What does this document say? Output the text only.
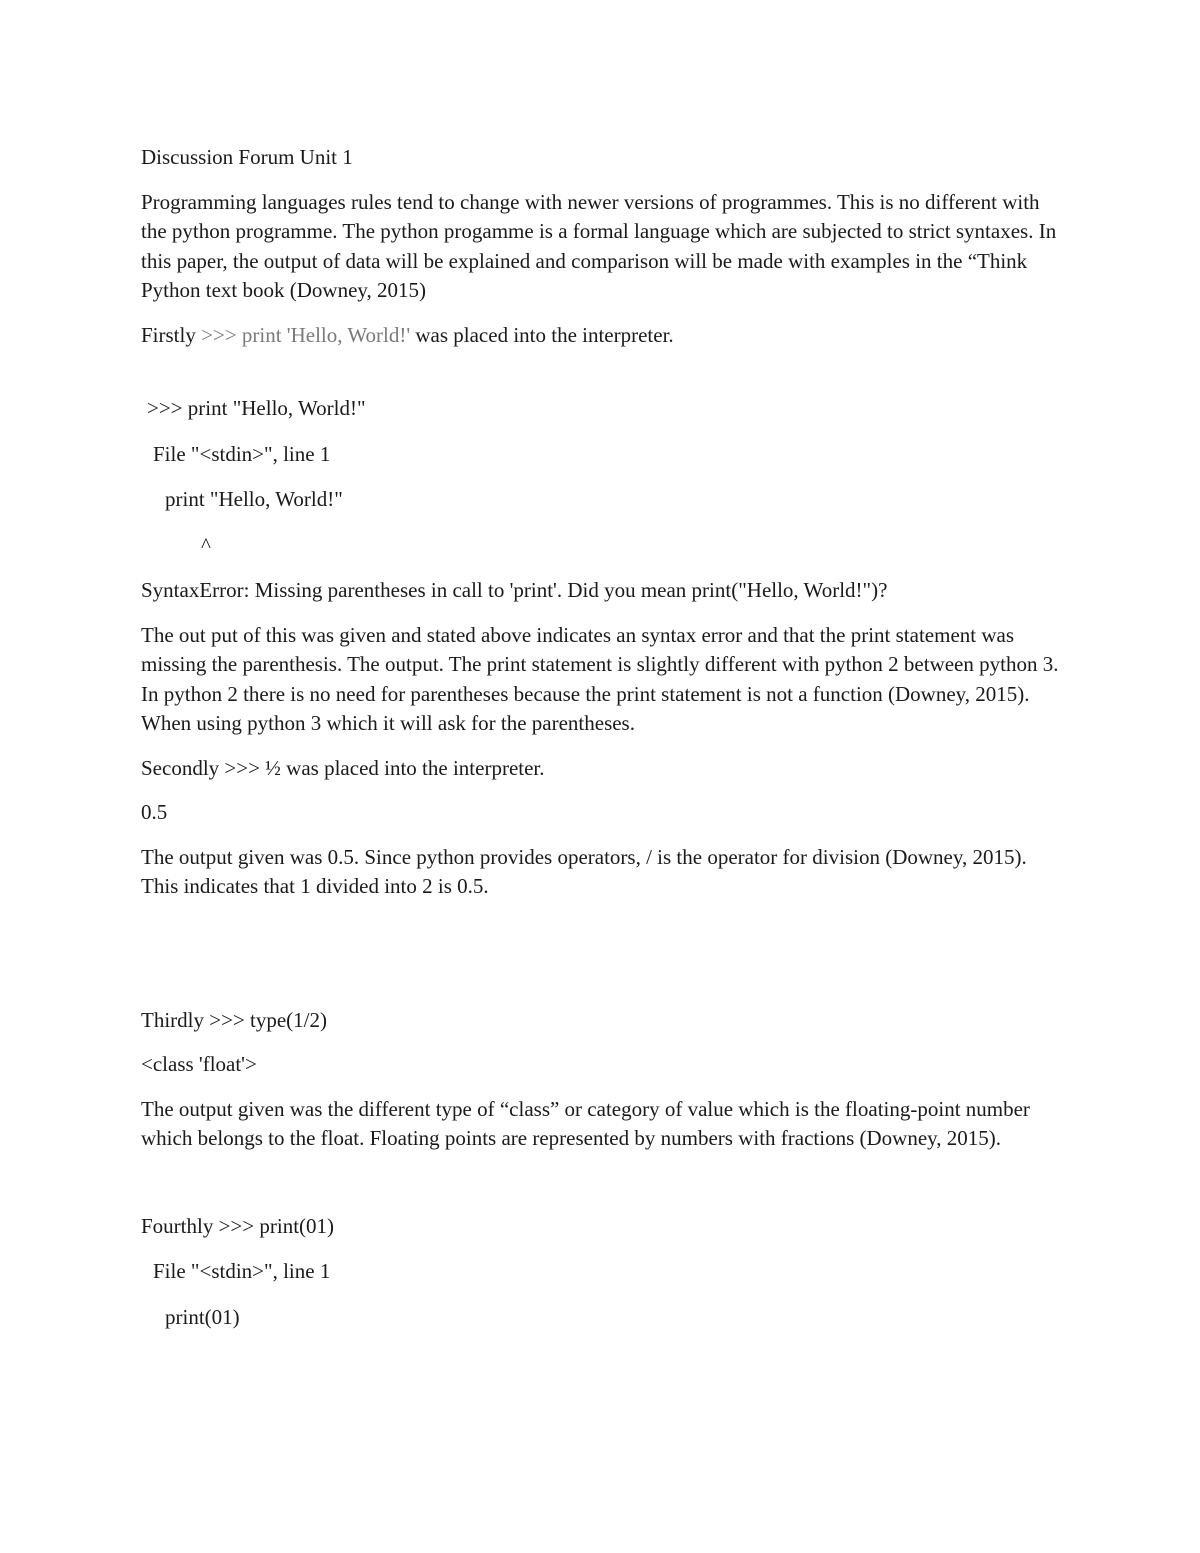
Discussion Forum Unit 1

Programming languages rules tend to change with newer versions of programmes. This is no different with the python programme. The python progamme is a formal language which are subjected to strict syntaxes. In this paper, the output of data will be explained and comparison will be made with examples in the “Think Python text book (Downey, 2015)

Firstly >>> print 'Hello, World!' was placed into the interpreter.

>>> print "Hello, World!"

File "<stdin>", line 1

print "Hello, World!"

^

SyntaxError: Missing parentheses in call to 'print'. Did you mean print("Hello, World!")?

The out put of this was given and stated above indicates an syntax error and that the print statement was missing the parenthesis. The output. The print statement is slightly different with python 2 between python 3. In python 2 there is no need for parentheses because the print statement is not a function (Downey, 2015). When using python 3 which it will ask for the parentheses.

Secondly >>> ½ was placed into the interpreter.

0.5

The output given was 0.5. Since python provides operators, / is the operator for division (Downey, 2015). This indicates that 1 divided into 2 is 0.5.

Thirdly >>> type(1/2)

<class 'float'>

The output given was the different type of “class” or category of value which is the floating-point number which belongs to the float. Floating points are represented by numbers with fractions (Downey, 2015).

Fourthly >>> print(01)

File "<stdin>", line 1

print(01)
